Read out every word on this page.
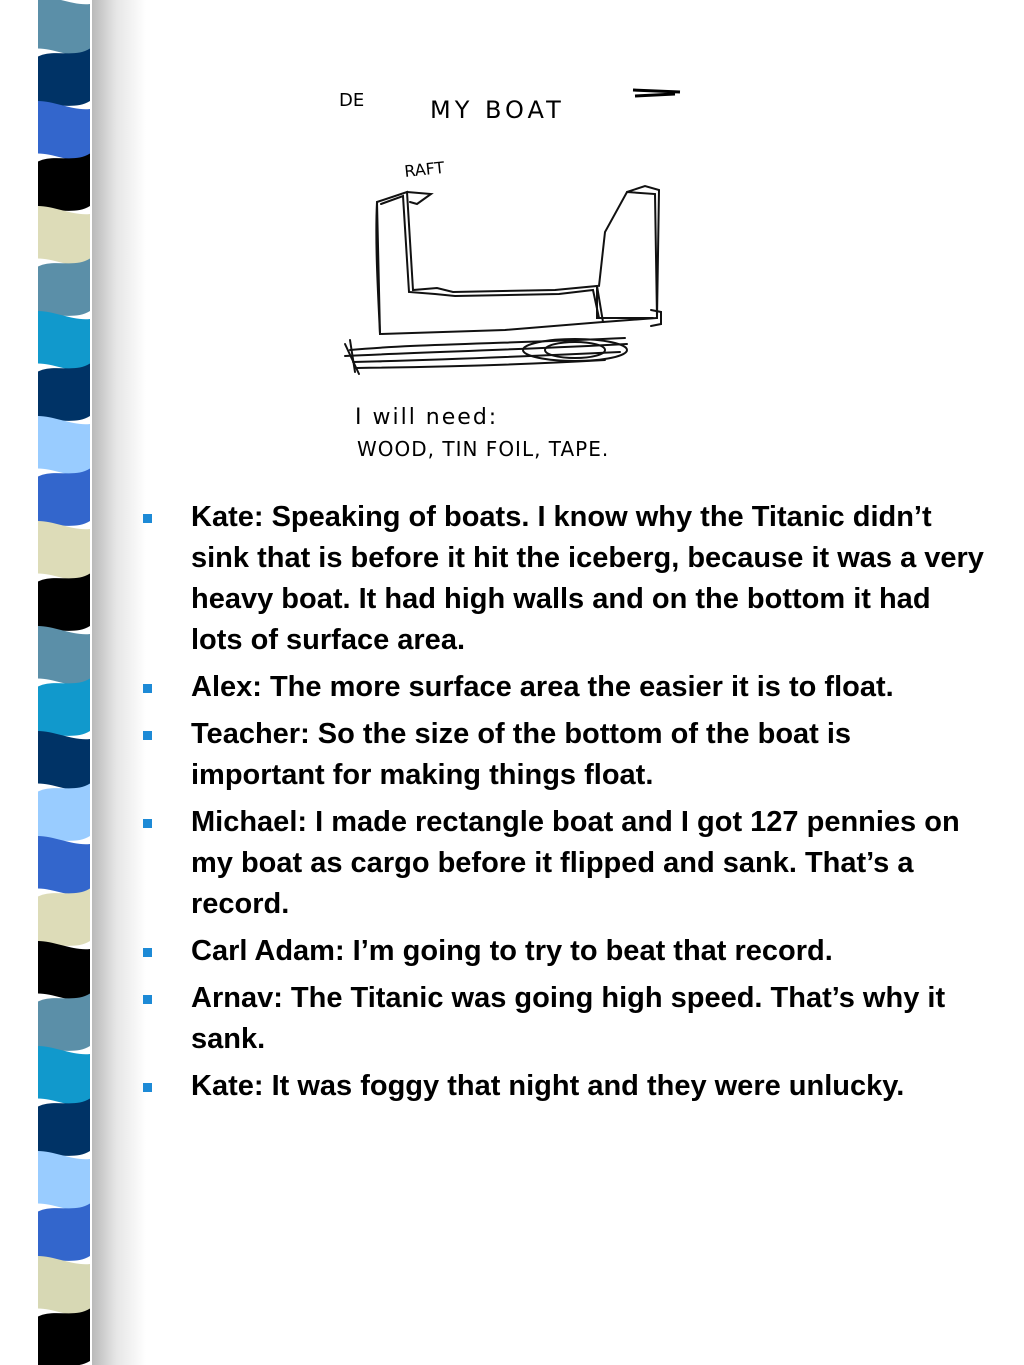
DE	MY BOAT
RAFT
I will need:
WOOD, TIN FOIL, TAPE.
Kate: Speaking of boats. I know why the Titanic didn’t sink that is before it hit the iceberg, because it was a very heavy boat. It had high walls and on the bottom it had lots of surface area.
Alex: The more surface area the easier it is to float.
Teacher: So the size of the bottom of the boat is important for making things float.
Michael: I made rectangle boat and I got 127 pennies on my boat as cargo before it flipped and sank. That’s a record.
Carl Adam: I’m going to try to beat that record.
Arnav: The Titanic was going high speed. That’s why it sank.
Kate: It was foggy that night and they were unlucky.
